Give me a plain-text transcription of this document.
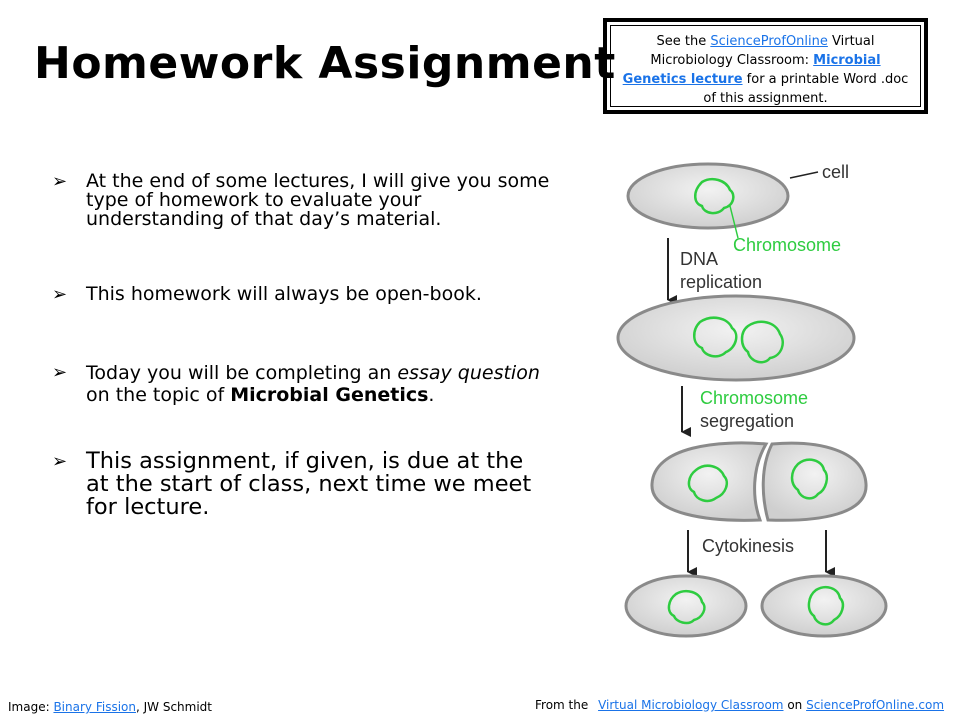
Homework Assignment	See the ScienceProfOnline Virtual Microbiology Classroom: Microbial Genetics lecture for a printable Word .doc of this assignment.
➢ At the end of some lectures, I will give you some type of homework to evaluate your understanding of that day’s material.
➢ This homework will always be open-book.
➢ Today you will be completing an essay question on the topic of Microbial Genetics.
➢ This assignment, if given, is due at the at the start of class, next time we meet for lecture.
cell
Chromosome
DNA
replication
Chromosome
segregation
Cytokinesis
Image: Binary Fission, JW Schmidt	From the Virtual Microbiology Classroom on ScienceProfOnline.com
